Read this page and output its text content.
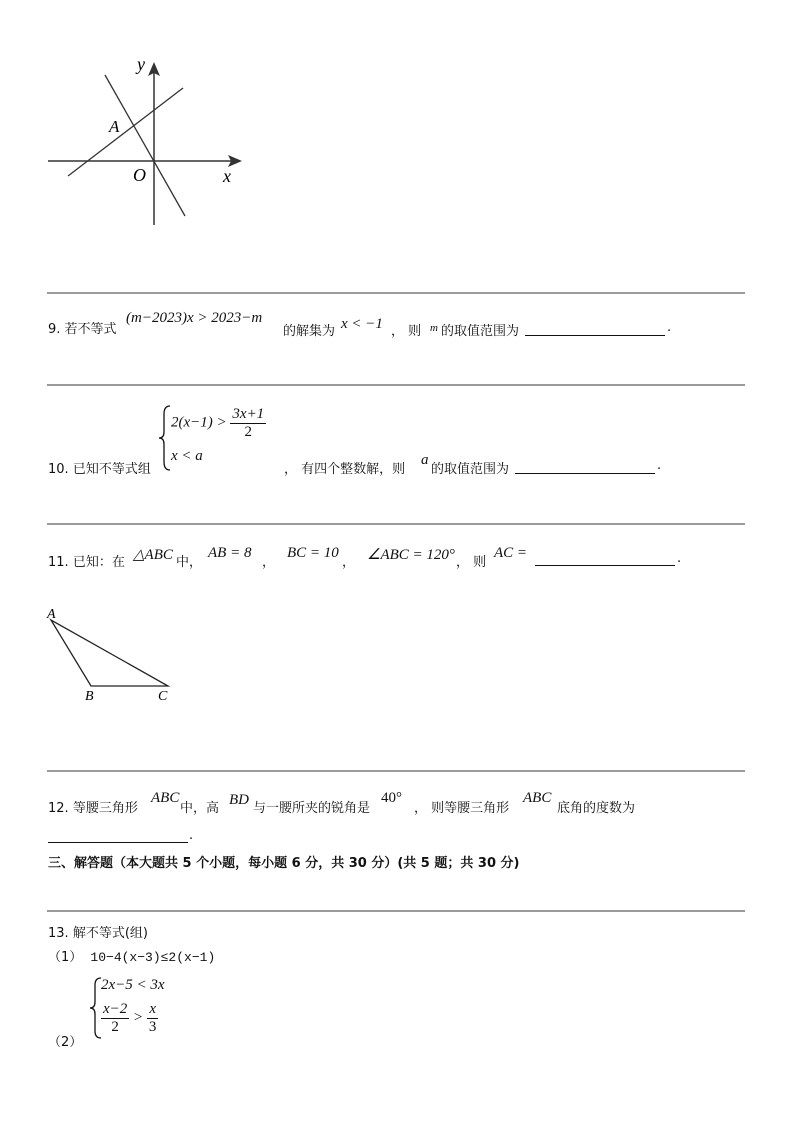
y
x
A
O
9. 若不等式
(m−2023)x > 2023−m
的解集为 x < −1 ， 则 m 的取值范围为	.
10. 已知不等式组
$2(x-1) > \frac{3x+1}{2}$
x < a
， 有四个整数解，则
a
的取值范围为	.
11. 已知：在 △ABC 中，
AB = 8
，
BC = 10
， ∠ABC = 120° ， 则
AC =	.
A
B	C
12. 等腰三角形
ABC
中，高
BD
与一腰所夹的锐角是
40°
， 则等腰三角形
ABC
底角的度数为
.
三、解答题（本大题共 5 个小题，每小题 6 分，共 30 分）(共 5 题；共 30 分)
13. 解不等式(组)
（1） 10−4(x−3)≤2(x−1)
2x−5 < 3x
$\frac{x-2}{2} > \frac{x}{3}$
（2）
